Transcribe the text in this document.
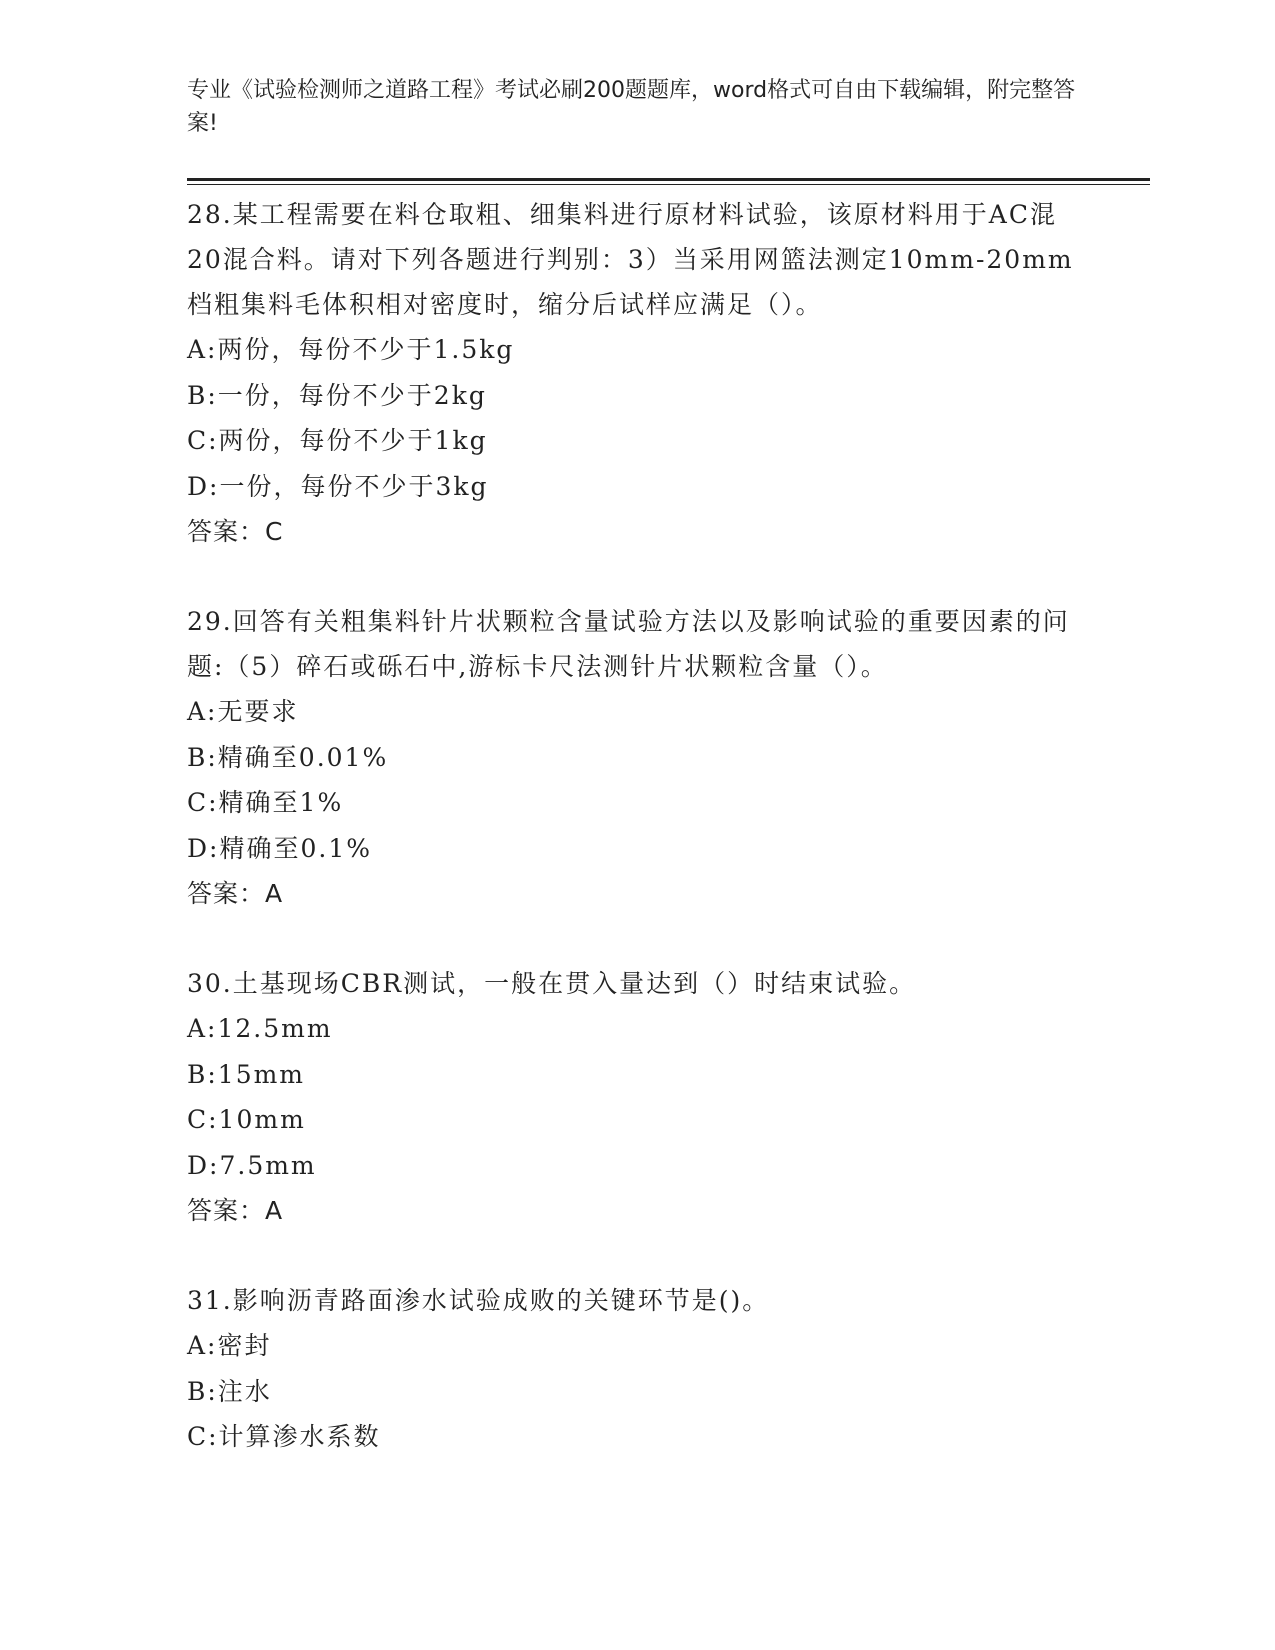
专业《试验检测师之道路工程》考试必刷200题题库，word格式可自由下载编辑，附完整答案!
28.某工程需要在料仓取粗、细集料进行原材料试验，该原材料用于AC混20混合料。请对下列各题进行判别：3）当采用网篮法测定10mm-20mm档粗集料毛体积相对密度时，缩分后试样应满足（）。
A:两份，每份不少于1.5kg
B:一份，每份不少于2kg
C:两份，每份不少于1kg
D:一份，每份不少于3kg
答案：C
29.回答有关粗集料针片状颗粒含量试验方法以及影响试验的重要因素的问题:（5）碎石或砾石中,游标卡尺法测针片状颗粒含量（）。
A:无要求
B:精确至0.01%
C:精确至1%
D:精确至0.1%
答案：A
30.土基现场CBR测试，一般在贯入量达到（）时结束试验。
A:12.5mm
B:15mm
C:10mm
D:7.5mm
答案：A
31.影响沥青路面渗水试验成败的关键环节是()。
A:密封
B:注水
C:计算渗水系数
